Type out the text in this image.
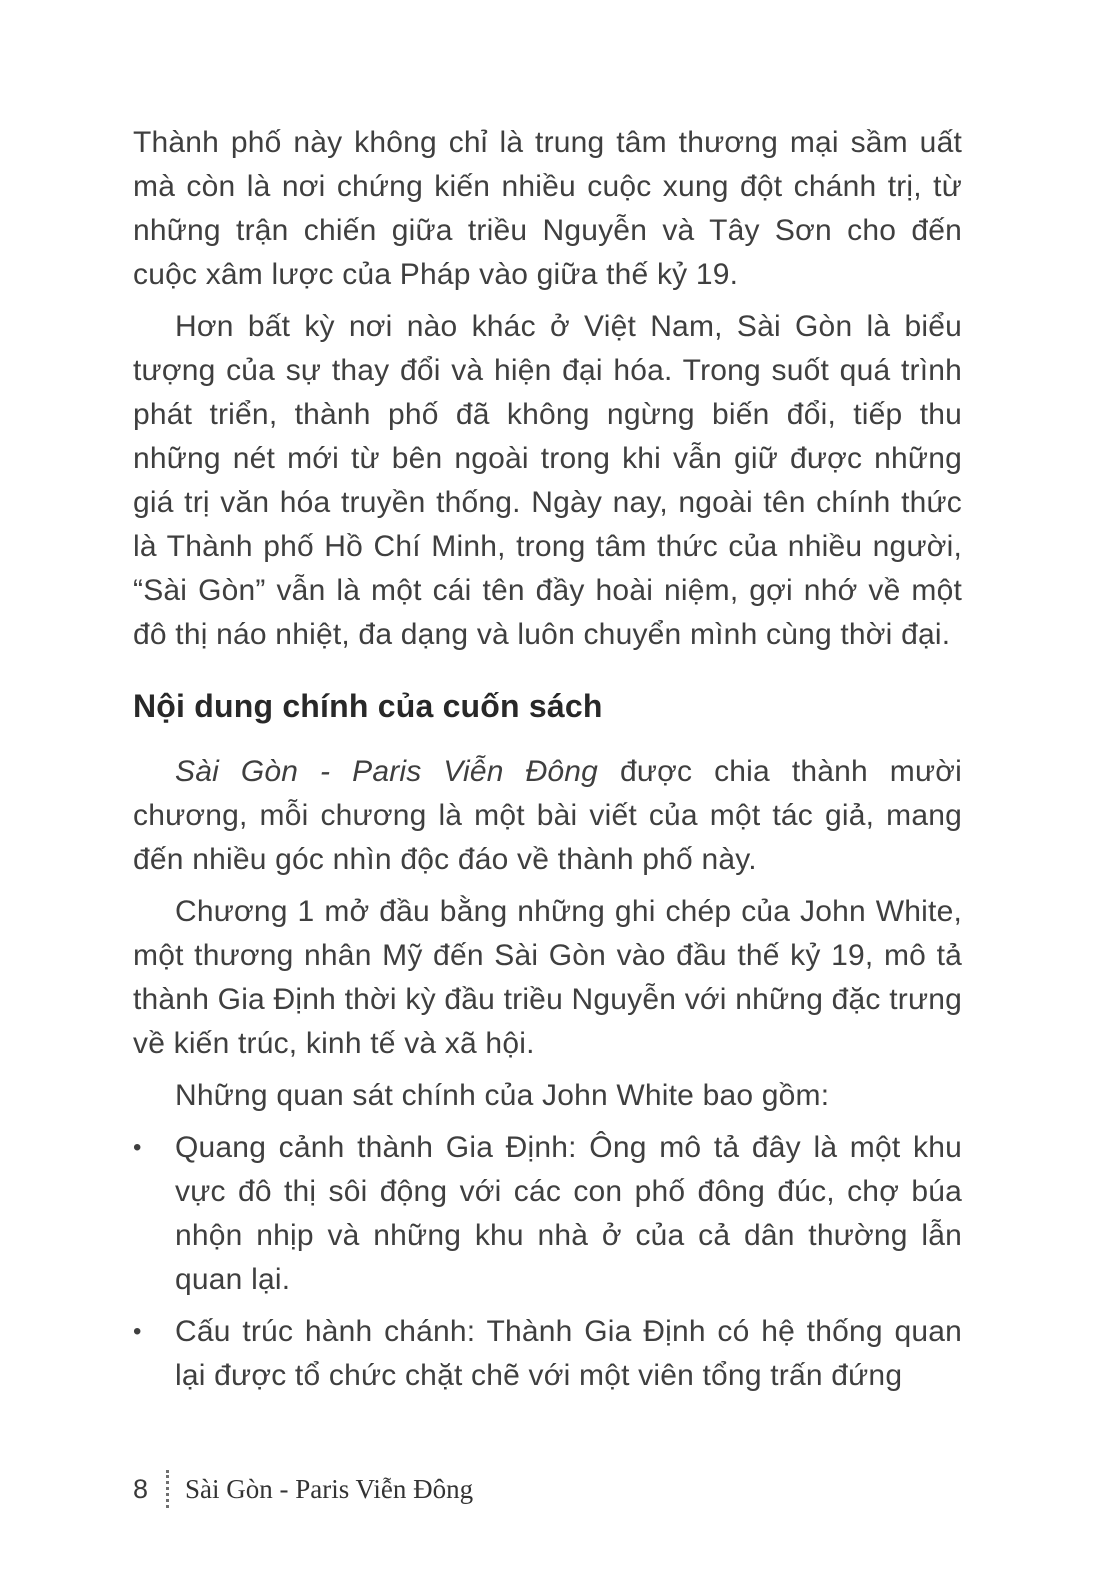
Thành phố này không chỉ là trung tâm thương mại sầm uất mà còn là nơi chứng kiến nhiều cuộc xung đột chánh trị, từ những trận chiến giữa triều Nguyễn và Tây Sơn cho đến cuộc xâm lược của Pháp vào giữa thế kỷ 19.

Hơn bất kỳ nơi nào khác ở Việt Nam, Sài Gòn là biểu tượng của sự thay đổi và hiện đại hóa. Trong suốt quá trình phát triển, thành phố đã không ngừng biến đổi, tiếp thu những nét mới từ bên ngoài trong khi vẫn giữ được những giá trị văn hóa truyền thống. Ngày nay, ngoài tên chính thức là Thành phố Hồ Chí Minh, trong tâm thức của nhiều người, “Sài Gòn” vẫn là một cái tên đầy hoài niệm, gợi nhớ về một đô thị náo nhiệt, đa dạng và luôn chuyển mình cùng thời đại.

Nội dung chính của cuốn sách

Sài Gòn - Paris Viễn Đông được chia thành mười chương, mỗi chương là một bài viết của một tác giả, mang đến nhiều góc nhìn độc đáo về thành phố này.

Chương 1 mở đầu bằng những ghi chép của John White, một thương nhân Mỹ đến Sài Gòn vào đầu thế kỷ 19, mô tả thành Gia Định thời kỳ đầu triều Nguyễn với những đặc trưng về kiến trúc, kinh tế và xã hội.

Những quan sát chính của John White bao gồm:

•	Quang cảnh thành Gia Định: Ông mô tả đây là một khu vực đô thị sôi động với các con phố đông đúc, chợ búa nhộn nhịp và những khu nhà ở của cả dân thường lẫn quan lại.
•	Cấu trúc hành chánh: Thành Gia Định có hệ thống quan lại được tổ chức chặt chẽ với một viên tổng trấn đứng
8 Sài Gòn - Paris Viễn Đông
